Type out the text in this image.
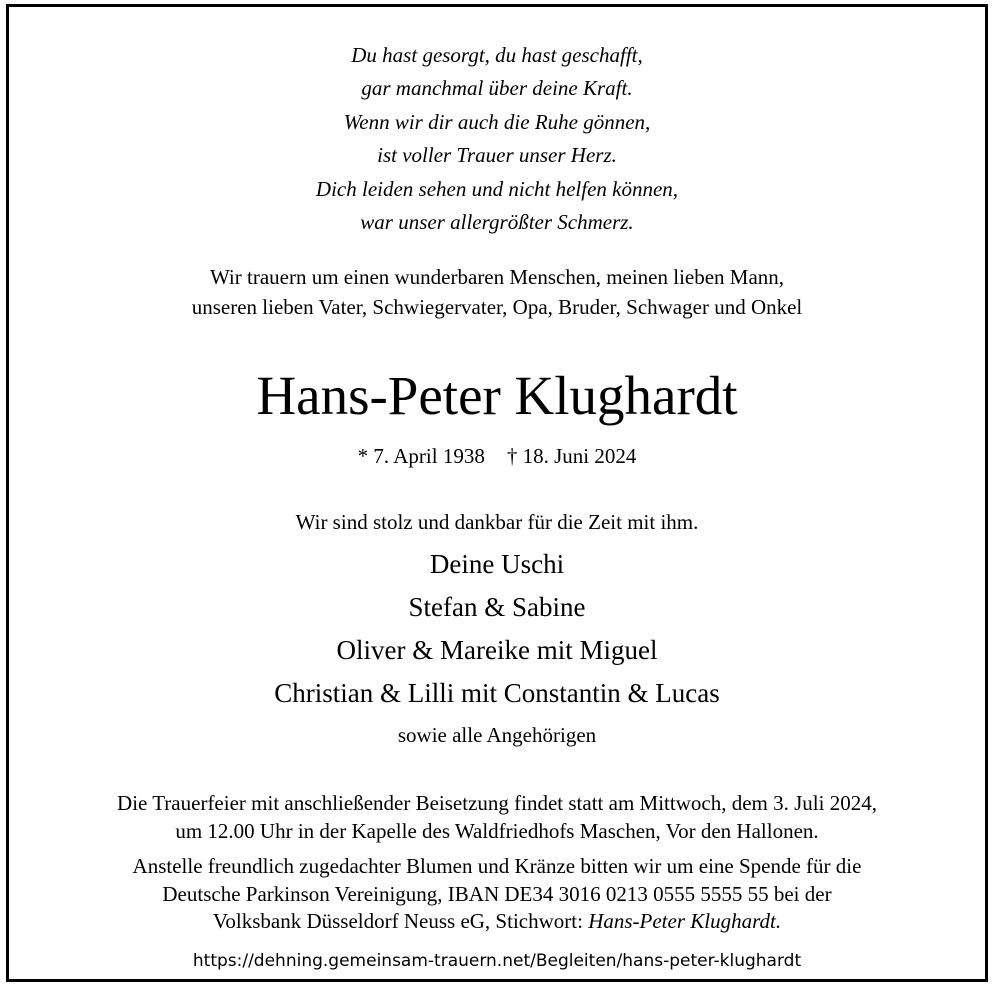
Du hast gesorgt, du hast geschafft,
gar manchmal über deine Kraft.
Wenn wir dir auch die Ruhe gönnen,
ist voller Trauer unser Herz.
Dich leiden sehen und nicht helfen können,
war unser allergrößter Schmerz.
Wir trauern um einen wunderbaren Menschen, meinen lieben Mann,
unseren lieben Vater, Schwiegervater, Opa, Bruder, Schwager und Onkel
Hans-Peter Klughardt
* 7. April 1938 † 18. Juni 2024
Wir sind stolz und dankbar für die Zeit mit ihm.
Deine Uschi
Stefan & Sabine
Oliver & Mareike mit Miguel
Christian & Lilli mit Constantin & Lucas
sowie alle Angehörigen
Die Trauerfeier mit anschließender Beisetzung findet statt am Mittwoch, dem 3. Juli 2024,
um 12.00 Uhr in der Kapelle des Waldfriedhofs Maschen, Vor den Hallonen.
Anstelle freundlich zugedachter Blumen und Kränze bitten wir um eine Spende für die
Deutsche Parkinson Vereinigung, IBAN DE34 3016 0213 0555 5555 55 bei der
Volksbank Düsseldorf Neuss eG, Stichwort: Hans-Peter Klughardt.
https://dehning.gemeinsam-trauern.net/Begleiten/hans-peter-klughardt
